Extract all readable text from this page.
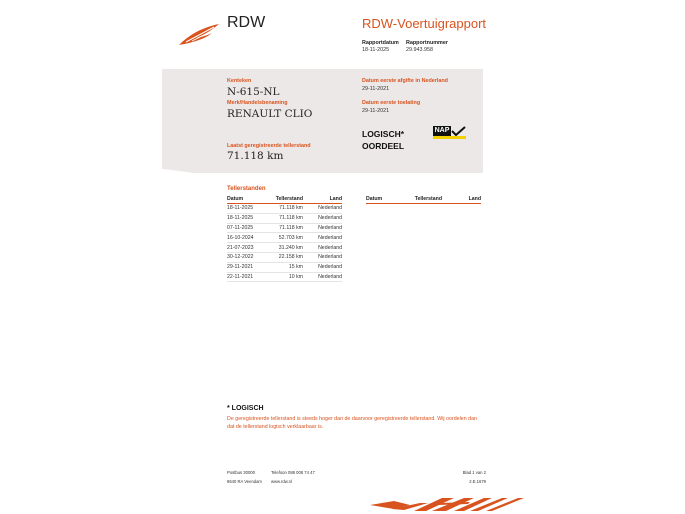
RDW	RDW-Voertuigrapport
Rapportdatum
18-11-2025
Rapportnummer
29.943.958
Kenteken
N-615-NL
Merk/Handelsbenaming
RENAULT CLIO
Laatst geregistreerde tellerstand
71.118 km
Datum eerste afgifte in Nederland
29-11-2021
Datum eerste toelating
29-11-2021
LOGISCH*
OORDEEL
NAP
Tellerstanden
Datum	Tellerstand	Land
18-11-2025	71.118 km	Nederland
18-11-2025	71.118 km	Nederland
07-11-2025	71.118 km	Nederland
16-10-2024	52.703 km	Nederland
21-07-2023	31.240 km	Nederland
30-12-2022	22.158 km	Nederland
29-11-2021	15 km	Nederland
22-11-2021	10 km	Nederland
Datum	Tellerstand	Land
* LOGISCH
De geregistreerde tellerstand is steeds hoger dan de daarvoor geregistreerde tellerstand. Wij oordelen dan
dat de tellerstand logisch verklaarbaar is.
Postbus 30000
9640 RA Veendam
Telefoon 088 008 74 47
www.rdw.nl
Blad 1 van 2
2.E.1679
